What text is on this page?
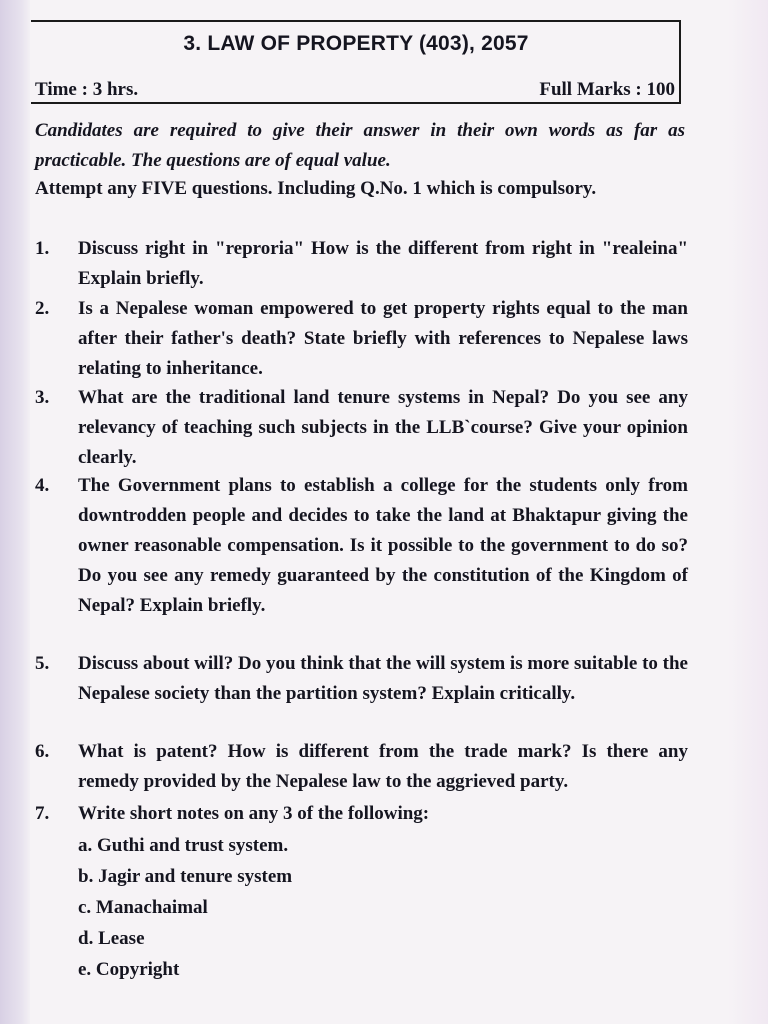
3. LAW OF PROPERTY (403), 2057
Time : 3 hrs.	Full Marks : 100
Candidates are required to give their answer in their own words as far as practicable. The questions are of equal value.
Attempt any FIVE questions. Including Q.No. 1 which is compulsory.
1.	Discuss right in "reproria" How is the different from right in "realeina" Explain briefly.
2.	Is a Nepalese woman empowered to get property rights equal to the man after their father's death? State briefly with references to Nepalese laws relating to inheritance.
3.	What are the traditional land tenure systems in Nepal? Do you see any relevancy of teaching such subjects in the LLB`course? Give your opinion clearly.
4.	The Government plans to establish a college for the students only from downtrodden people and decides to take the land at Bhaktapur giving the owner reasonable compensation. Is it possible to the government to do so? Do you see any remedy guaranteed by the constitution of the Kingdom of Nepal? Explain briefly.
5.	Discuss about will? Do you think that the will system is more suitable to the Nepalese society than the partition system? Explain critically.
6.	What is patent? How is different from the trade mark? Is there any remedy provided by the Nepalese law to the aggrieved party.
7.	Write short notes on any 3 of the following:
a. Guthi and trust system.
b. Jagir and tenure system
c. Manachaimal
d. Lease
e. Copyright
